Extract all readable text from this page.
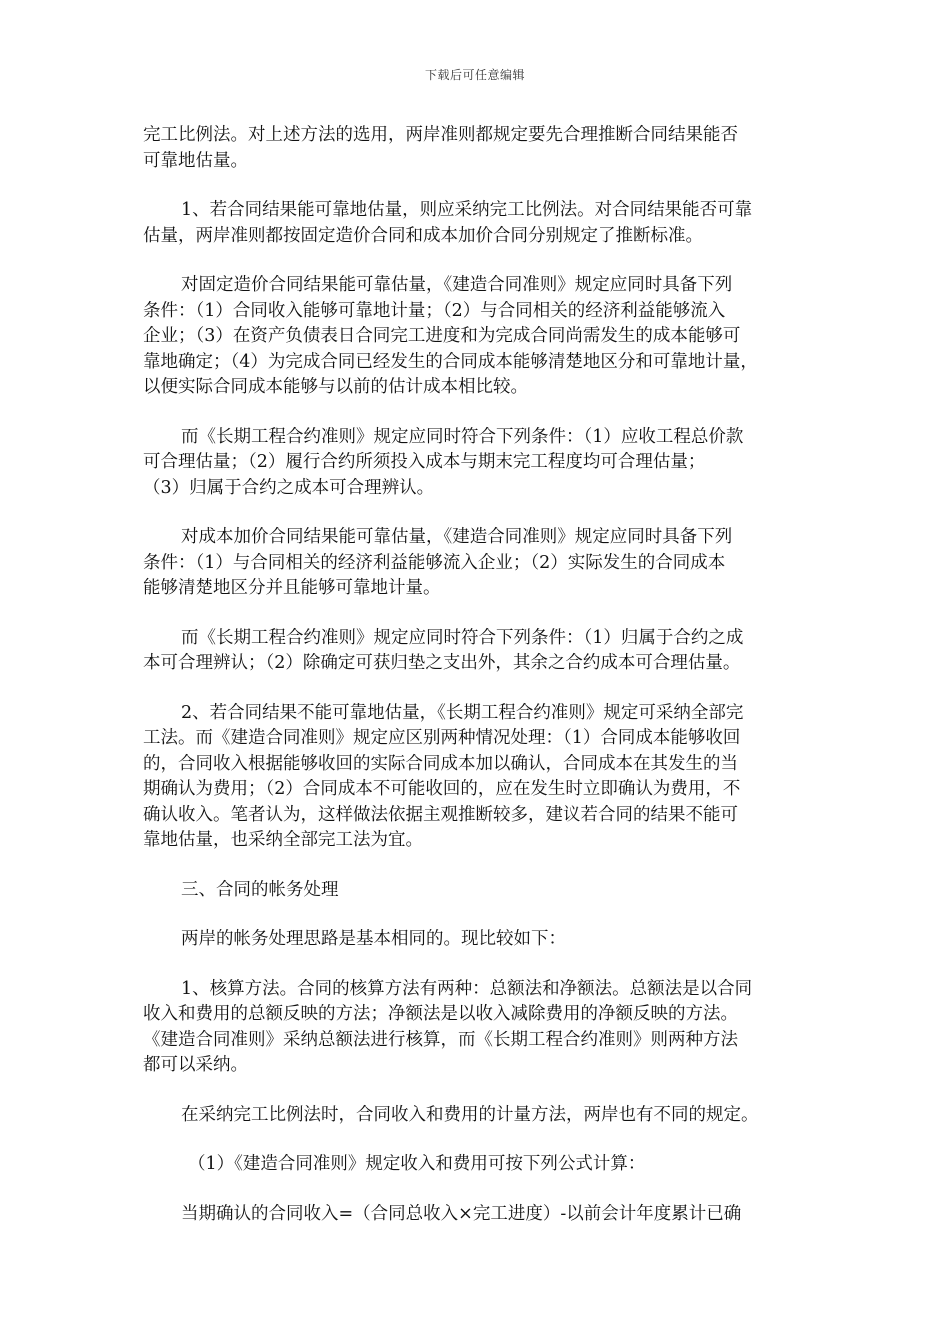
下载后可任意编辑

完工比例法。对上述方法的选用，两岸准则都规定要先合理推断合同结果能否
可靠地估量。

1、若合同结果能可靠地估量，则应采纳完工比例法。对合同结果能否可靠
估量，两岸准则都按固定造价合同和成本加价合同分别规定了推断标准。

对固定造价合同结果能可靠估量，《建造合同准则》规定应同时具备下列
条件：（1）合同收入能够可靠地计量；（2）与合同相关的经济利益能够流入
企业；（3）在资产负债表日合同完工进度和为完成合同尚需发生的成本能够可
靠地确定；（4）为完成合同已经发生的合同成本能够清楚地区分和可靠地计量，
以便实际合同成本能够与以前的估计成本相比较。

而《长期工程合约准则》规定应同时符合下列条件：（1）应收工程总价款
可合理估量；（2）履行合约所须投入成本与期末完工程度均可合理估量；
（3）归属于合约之成本可合理辨认。

对成本加价合同结果能可靠估量，《建造合同准则》规定应同时具备下列
条件：（1）与合同相关的经济利益能够流入企业；（2）实际发生的合同成本
能够清楚地区分并且能够可靠地计量。

而《长期工程合约准则》规定应同时符合下列条件：（1）归属于合约之成
本可合理辨认；（2）除确定可获归垫之支出外，其余之合约成本可合理估量。

2、若合同结果不能可靠地估量，《长期工程合约准则》规定可采纳全部完
工法。而《建造合同准则》规定应区别两种情况处理：（1）合同成本能够收回
的，合同收入根据能够收回的实际合同成本加以确认，合同成本在其发生的当
期确认为费用；（2）合同成本不可能收回的，应在发生时立即确认为费用，不
确认收入。笔者认为，这样做法依据主观推断较多，建议若合同的结果不能可
靠地估量，也采纳全部完工法为宜。

三、合同的帐务处理

两岸的帐务处理思路是基本相同的。现比较如下：

1、核算方法。合同的核算方法有两种：总额法和净额法。总额法是以合同
收入和费用的总额反映的方法；净额法是以收入减除费用的净额反映的方法。
《建造合同准则》采纳总额法进行核算，而《长期工程合约准则》则两种方法
都可以采纳。

在采纳完工比例法时，合同收入和费用的计量方法，两岸也有不同的规定。

（1）《建造合同准则》规定收入和费用可按下列公式计算：

当期确认的合同收入=（合同总收入×完工进度）-以前会计年度累计已确
